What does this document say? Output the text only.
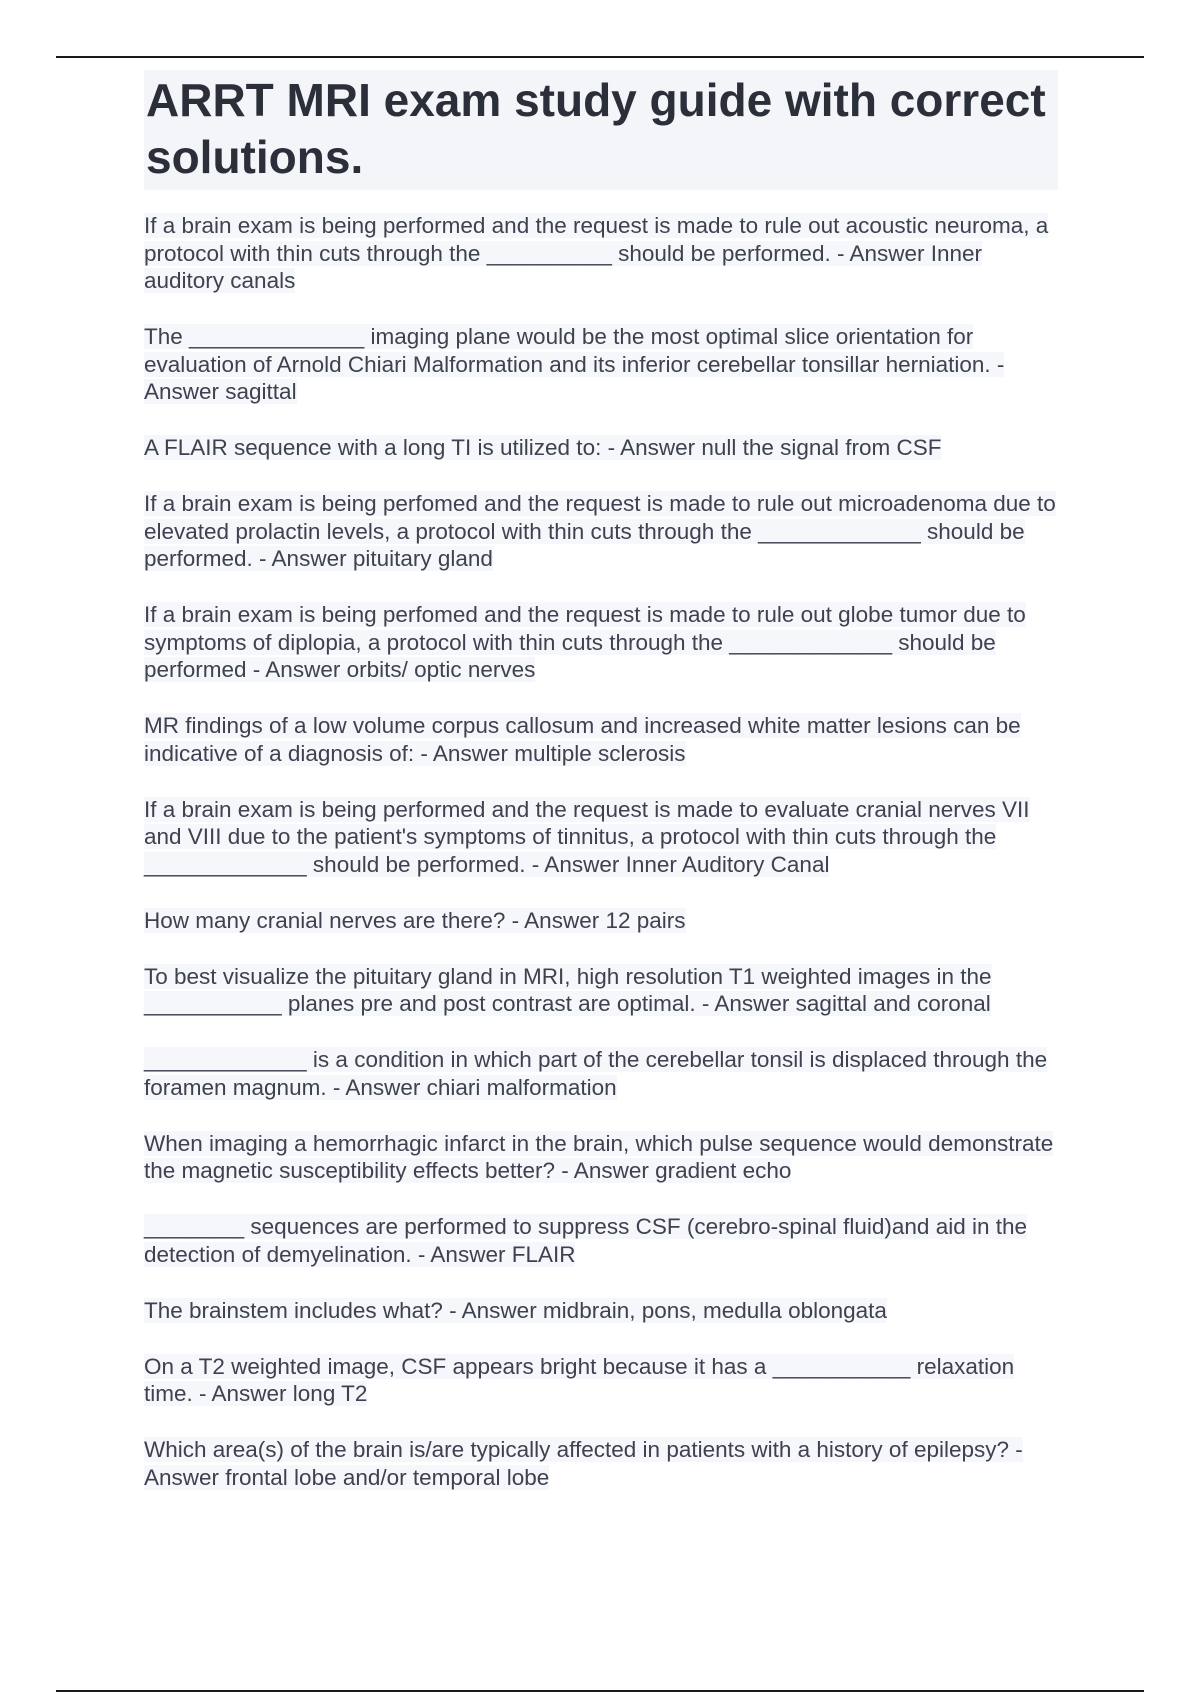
ARRT MRI exam study guide with correct solutions.
If a brain exam is being performed and the request is made to rule out acoustic neuroma, a protocol with thin cuts through the __________ should be performed. - Answer Inner auditory canals
The ______________ imaging plane would be the most optimal slice orientation for evaluation of Arnold Chiari Malformation and its inferior cerebellar tonsillar herniation. - Answer sagittal
A FLAIR sequence with a long TI is utilized to: - Answer null the signal from CSF
If a brain exam is being perfomed and the request is made to rule out microadenoma due to elevated prolactin levels, a protocol with thin cuts through the _____________ should be performed. - Answer pituitary gland
If a brain exam is being perfomed and the request is made to rule out globe tumor due to symptoms of diplopia, a protocol with thin cuts through the _____________ should be performed - Answer orbits/ optic nerves
MR findings of a low volume corpus callosum and increased white matter lesions can be indicative of a diagnosis of: - Answer multiple sclerosis
If a brain exam is being performed and the request is made to evaluate cranial nerves VII and VIII due to the patient's symptoms of tinnitus, a protocol with thin cuts through the _____________ should be performed. - Answer Inner Auditory Canal
How many cranial nerves are there? - Answer 12 pairs
To best visualize the pituitary gland in MRI, high resolution T1 weighted images in the ___________ planes pre and post contrast are optimal. - Answer sagittal and coronal
_____________ is a condition in which part of the cerebellar tonsil is displaced through the foramen magnum. - Answer chiari malformation
When imaging a hemorrhagic infarct in the brain, which pulse sequence would demonstrate the magnetic susceptibility effects better? - Answer gradient echo
________ sequences are performed to suppress CSF (cerebro-spinal fluid)and aid in the detection of demyelination. - Answer FLAIR
The brainstem includes what? - Answer midbrain, pons, medulla oblongata
On a T2 weighted image, CSF appears bright because it has a ___________ relaxation time. - Answer long T2
Which area(s) of the brain is/are typically affected in patients with a history of epilepsy? - Answer frontal lobe and/or temporal lobe
